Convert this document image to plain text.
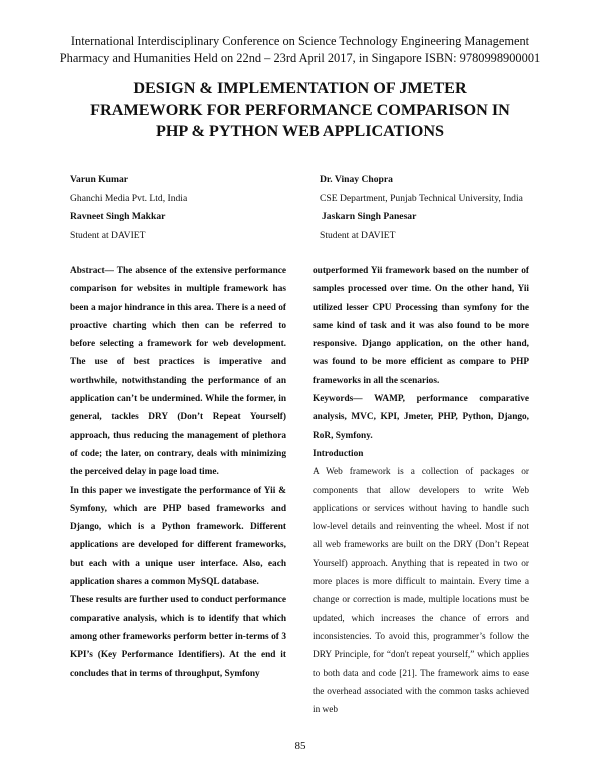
International Interdisciplinary Conference on Science Technology Engineering Management
Pharmacy and Humanities Held on 22nd – 23rd April 2017, in Singapore ISBN: 9780998900001
DESIGN & IMPLEMENTATION OF JMETER
FRAMEWORK FOR PERFORMANCE COMPARISON IN
PHP & PYTHON WEB APPLICATIONS
Varun Kumar
Ghanchi Media Pvt. Ltd, India
Ravneet Singh Makkar
Student at DAVIET
Dr. Vinay Chopra
CSE Department, Punjab Technical University, India
Jaskarn Singh Panesar
Student at DAVIET

Abstract— The absence of the extensive performance comparison for websites in multiple framework has been a major hindrance in this area. There is a need of proactive charting which then can be referred to before selecting a framework for web development. The use of best practices is imperative and worthwhile, notwithstanding the performance of an application can’t be undermined. While the former, in general, tackles DRY (Don’t Repeat Yourself) approach, thus reducing the management of plethora of code; the later, on contrary, deals with minimizing the perceived delay in page load time.

In this paper we investigate the performance of Yii & Symfony, which are PHP based frameworks and Django, which is a Python framework. Different applications are developed for different frameworks, but each with a unique user interface. Also, each application shares a common MySQL database.

These results are further used to conduct performance comparative analysis, which is to identify that which among other frameworks perform better in-terms of 3 KPI’s (Key Performance Identifiers). At the end it concludes that in terms of throughput, Symfony

outperformed Yii framework based on the number of samples processed over time. On the other hand, Yii utilized lesser CPU Processing than symfony for the same kind of task and it was also found to be more responsive. Django application, on the other hand, was found to be more efficient as compare to PHP frameworks in all the scenarios.

Keywords— WAMP, performance comparative analysis, MVC, KPI, Jmeter, PHP, Python, Django, RoR, Symfony.

Introduction

A Web framework is a collection of packages or components that allow developers to write Web applications or services without having to handle such low-level details and reinventing the wheel. Most if not all web frameworks are built on the DRY (Don’t Repeat Yourself) approach. Anything that is repeated in two or more places is more difficult to maintain. Every time a change or correction is made, multiple locations must be updated, which increases the chance of errors and inconsistencies. To avoid this, programmer’s follow the DRY Principle, for “don't repeat yourself,” which applies to both data and code [21]. The framework aims to ease the overhead associated with the common tasks achieved in web

85
